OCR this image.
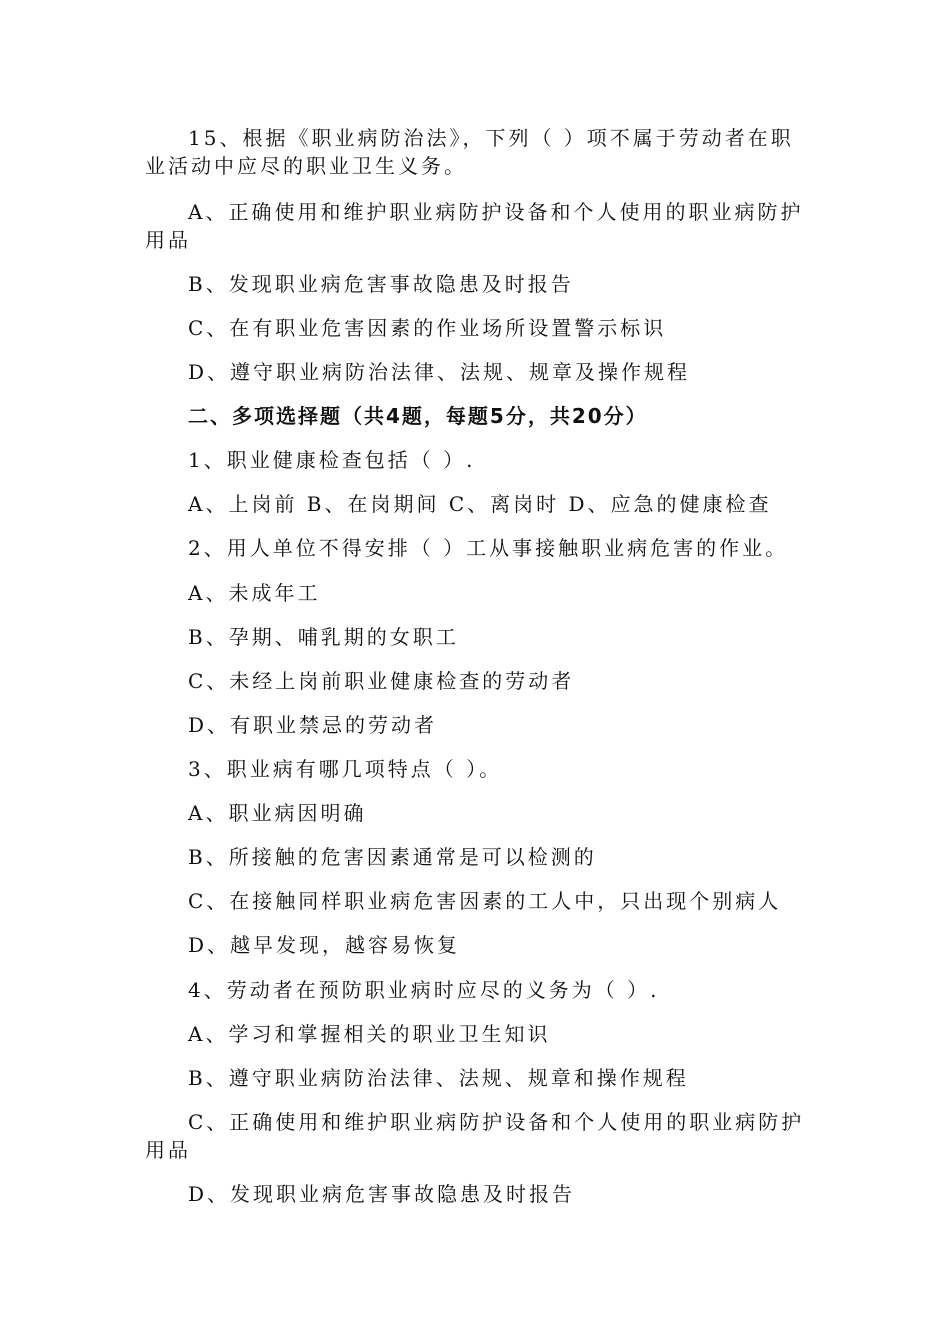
15、根据《职业病防治法》，下列（ ）项不属于劳动者在职业活动中应尽的职业卫生义务。
A、正确使用和维护职业病防护设备和个人使用的职业病防护用品
B、发现职业病危害事故隐患及时报告
C、在有职业危害因素的作业场所设置警示标识
D、遵守职业病防治法律、法规、规章及操作规程
二、多项选择题（共4题，每题5分，共20分）
1、职业健康检查包括（ ）.
A、上岗前 B、在岗期间 C、离岗时 D、应急的健康检查
2、用人单位不得安排（ ）工从事接触职业病危害的作业。
A、未成年工
B、孕期、哺乳期的女职工
C、未经上岗前职业健康检查的劳动者
D、有职业禁忌的劳动者
3、职业病有哪几项特点（ ）。
A、职业病因明确
B、所接触的危害因素通常是可以检测的
C、在接触同样职业病危害因素的工人中，只出现个别病人
D、越早发现，越容易恢复
4、劳动者在预防职业病时应尽的义务为（ ）.
A、学习和掌握相关的职业卫生知识
B、遵守职业病防治法律、法规、规章和操作规程
C、正确使用和维护职业病防护设备和个人使用的职业病防护用品
D、发现职业病危害事故隐患及时报告
